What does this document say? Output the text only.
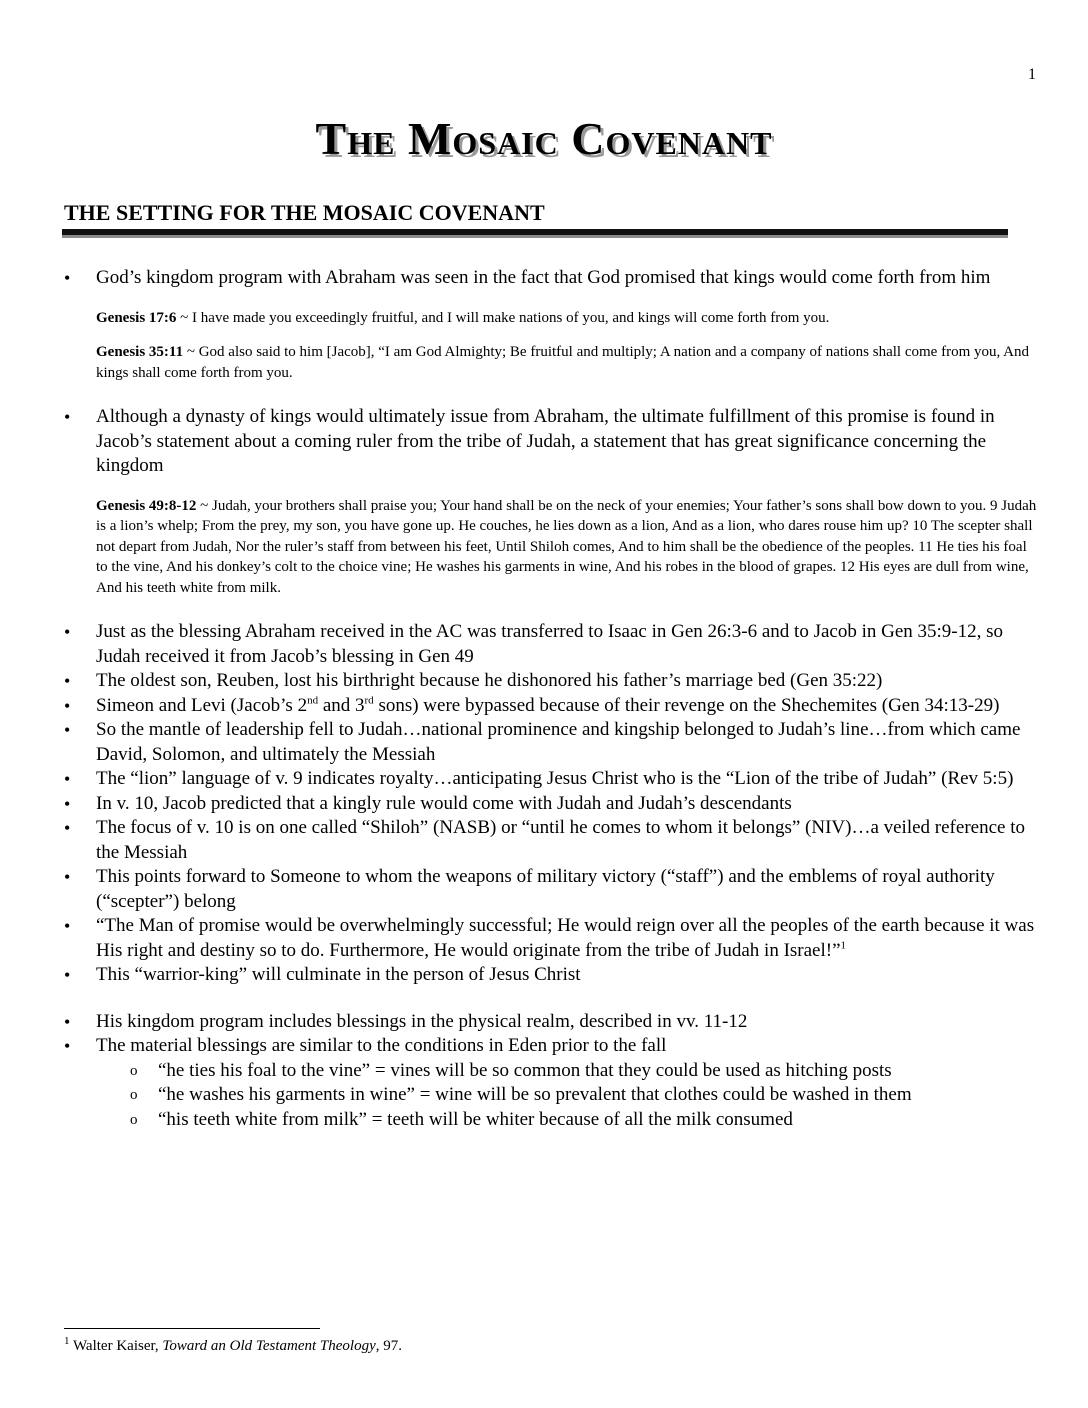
1
The Mosaic Covenant
THE SETTING FOR THE MOSAIC COVENANT
• God’s kingdom program with Abraham was seen in the fact that God promised that kings would come forth from him
Genesis 17:6 ~ I have made you exceedingly fruitful, and I will make nations of you, and kings will come forth from you.
Genesis 35:11 ~ God also said to him [Jacob], “I am God Almighty; Be fruitful and multiply; A nation and a company of nations shall come from you, And kings shall come forth from you.
• Although a dynasty of kings would ultimately issue from Abraham, the ultimate fulfillment of this promise is found in Jacob’s statement about a coming ruler from the tribe of Judah, a statement that has great significance concerning the kingdom
Genesis 49:8-12 ~ Judah, your brothers shall praise you; Your hand shall be on the neck of your enemies; Your father’s sons shall bow down to you. 9 Judah is a lion’s whelp; From the prey, my son, you have gone up. He couches, he lies down as a lion, And as a lion, who dares rouse him up? 10 The scepter shall not depart from Judah, Nor the ruler’s staff from between his feet, Until Shiloh comes, And to him shall be the obedience of the peoples. 11 He ties his foal to the vine, And his donkey’s colt to the choice vine; He washes his garments in wine, And his robes in the blood of grapes. 12 His eyes are dull from wine, And his teeth white from milk.
• Just as the blessing Abraham received in the AC was transferred to Isaac in Gen 26:3-6 and to Jacob in Gen 35:9-12, so Judah received it from Jacob’s blessing in Gen 49
• The oldest son, Reuben, lost his birthright because he dishonored his father’s marriage bed (Gen 35:22)
• Simeon and Levi (Jacob’s 2nd and 3rd sons) were bypassed because of their revenge on the Shechemites (Gen 34:13-29)
• So the mantle of leadership fell to Judah…national prominence and kingship belonged to Judah’s line…from which came David, Solomon, and ultimately the Messiah
• The “lion” language of v. 9 indicates royalty…anticipating Jesus Christ who is the “Lion of the tribe of Judah” (Rev 5:5)
• In v. 10, Jacob predicted that a kingly rule would come with Judah and Judah’s descendants
• The focus of v. 10 is on one called “Shiloh” (NASB) or “until he comes to whom it belongs” (NIV)…a veiled reference to the Messiah
• This points forward to Someone to whom the weapons of military victory (“staff”) and the emblems of royal authority (“scepter”) belong
• “The Man of promise would be overwhelmingly successful; He would reign over all the peoples of the earth because it was His right and destiny so to do. Furthermore, He would originate from the tribe of Judah in Israel!”$^1$
• This “warrior-king” will culminate in the person of Jesus Christ
• His kingdom program includes blessings in the physical realm, described in vv. 11-12
• The material blessings are similar to the conditions in Eden prior to the fall
o “he ties his foal to the vine” = vines will be so common that they could be used as hitching posts
o “he washes his garments in wine” = wine will be so prevalent that clothes could be washed in them
o “his teeth white from milk” = teeth will be whiter because of all the milk consumed
$^1$ Walter Kaiser, Toward an Old Testament Theology, 97.
